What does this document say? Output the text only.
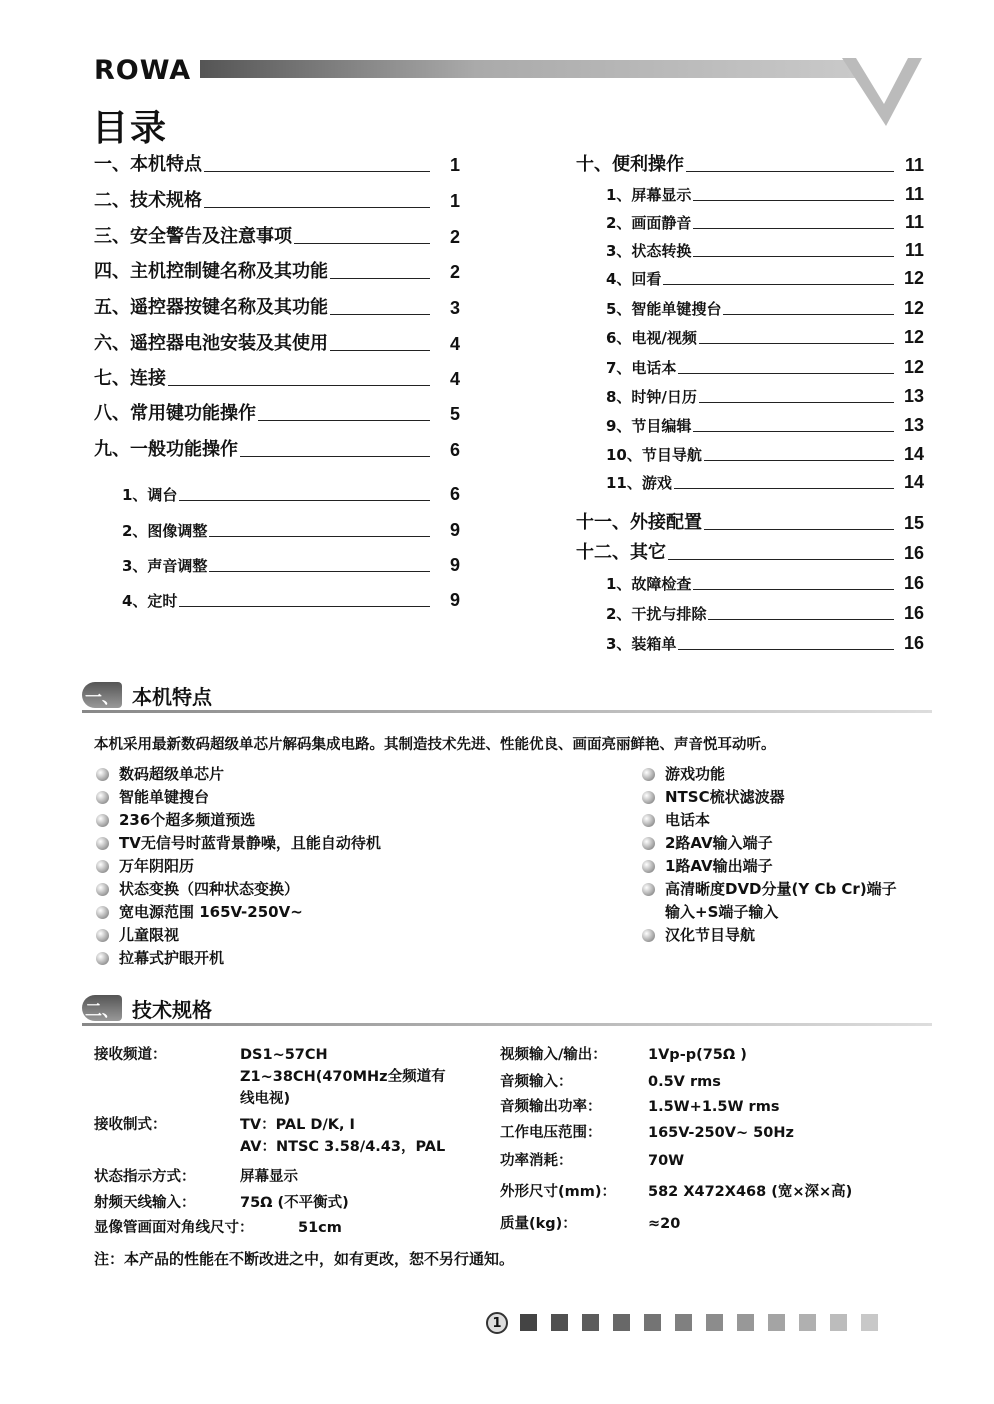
ROWA
目录
一、本机特点	1
二、技术规格	1
三、安全警告及注意事项	2
四、主机控制键名称及其功能	2
五、遥控器按键名称及其功能	3
六、遥控器电池安装及其使用	4
七、连接	4
八、常用键功能操作	5
九、一般功能操作	6
1、调台	6
2、图像调整	9
3、声音调整	9
4、定时	9
十、便利操作	11
1、屏幕显示	11
2、画面静音	11
3、状态转换	11
4、回看	12
5、智能单键搜台	12
6、电视/视频	12
7、电话本	12
8、时钟/日历	13
9、节目编辑	13
10、节目导航	14
11、游戏	14
十一、外接配置	15
十二、其它	16
1、故障检查	16
2、干扰与排除	16
3、装箱单	16
一、 本机特点
本机采用最新数码超级单芯片解码集成电路。其制造技术先进、性能优良、画面亮丽鲜艳、声音悦耳动听。
数码超级单芯片
智能单键搜台
236个超多频道预选
TV无信号时蓝背景静噪，且能自动待机
万年阴阳历
状态变换（四种状态变换）
宽电源范围 165V-250V~
儿童限视
拉幕式护眼开机
游戏功能
NTSC梳状滤波器
电话本
2路AV输入端子
1路AV输出端子
高清晰度DVD分量(Y Cb Cr)端子
输入+S端子输入
汉化节目导航
二、 技术规格
接收频道：	DS1~57CH
Z1~38CH(470MHz全频道有
线电视)
接收制式：	TV：PAL D/K, I
AV：NTSC 3.58/4.43，PAL
状态指示方式：	屏幕显示
射频天线输入：	75Ω (不平衡式)
显像管画面对角线尺寸：	51cm
视频输入/输出：	1Vp-p(75Ω )
音频输入：	0.5V rms
音频输出功率：	1.5W+1.5W rms
工作电压范围：	165V-250V~ 50Hz
功率消耗：	70W
外形尺寸(mm)： 582 X472X468 (宽×深×高)
质量(kg)：	≈20
注：本产品的性能在不断改进之中，如有更改，恕不另行通知。
1
